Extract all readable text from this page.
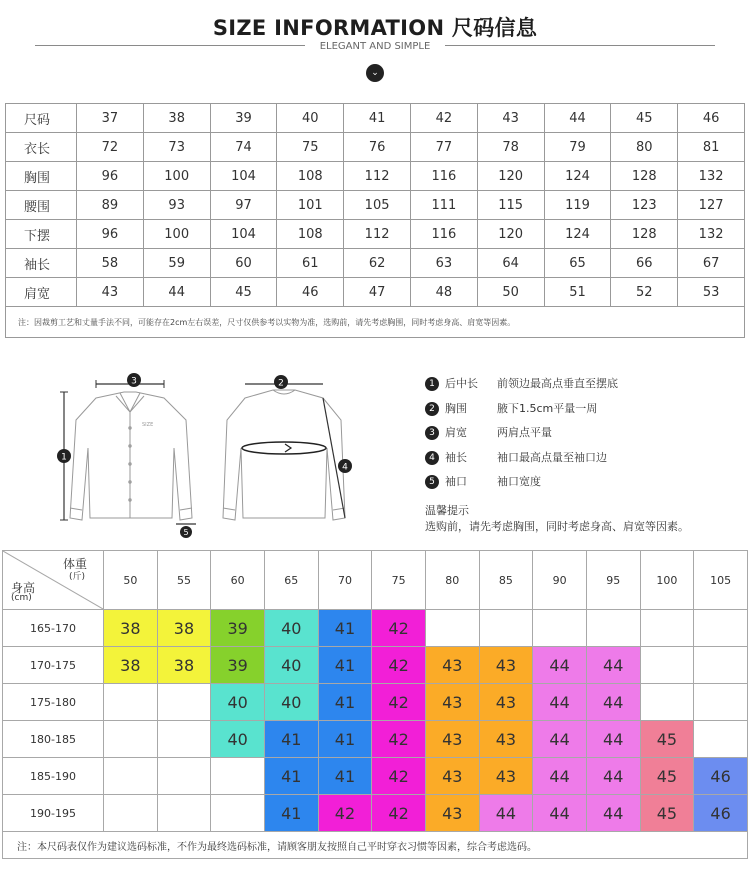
SIZE INFORMATION 尺码信息
ELEGANT AND SIMPLE
⌄
尺码	37	38	39	40	41	42	43	44	45	46
衣长	72	73	74	75	76	77	78	79	80	81
胸围	96	100	104	108	112	116	120	124	128	132
腰围	89	93	97	101	105	111	115	119	123	127
下摆	96	100	104	108	112	116	120	124	128	132
袖长	58	59	60	61	62	63	64	65	66	67
肩宽	43	44	45	46	47	48	50	51	52	53
注：因裁剪工艺和丈量手法不同，可能存在2cm左右误差，尺寸仅供参考以实物为准，选购前，请先考虑胸围，同时考虑身高、肩宽等因素。										
SIZE
3
1
5
2
4
1 后中长 前领边最高点垂直至摆底
2 胸围	腋下1.5cm平量一周
3 肩宽	两肩点平量
4 袖长	袖口最高点量至袖口边
5 袖口	袖口宽度
温馨提示
选购前，请先考虑胸围，同时考虑身高、肩宽等因素。
体重
(斤)
身高
(cm)	50	55	60	65	70	75	80	85	90	95	100	105
165-170	38	38	39	40	41	42						
170-175	38	38	39	40	41	42	43	43	44	44		
175-180			40	40	41	42	43	43	44	44		
180-185			40	41	41	42	43	43	44	44	45	
185-190				41	41	42	43	43	44	44	45	46
190-195				41	42	42	43	44	44	44	45	46
注：本尺码表仅作为建议选码标准，不作为最终选码标准，请顾客朋友按照自己平时穿衣习惯等因素，综合考虑选码。												
